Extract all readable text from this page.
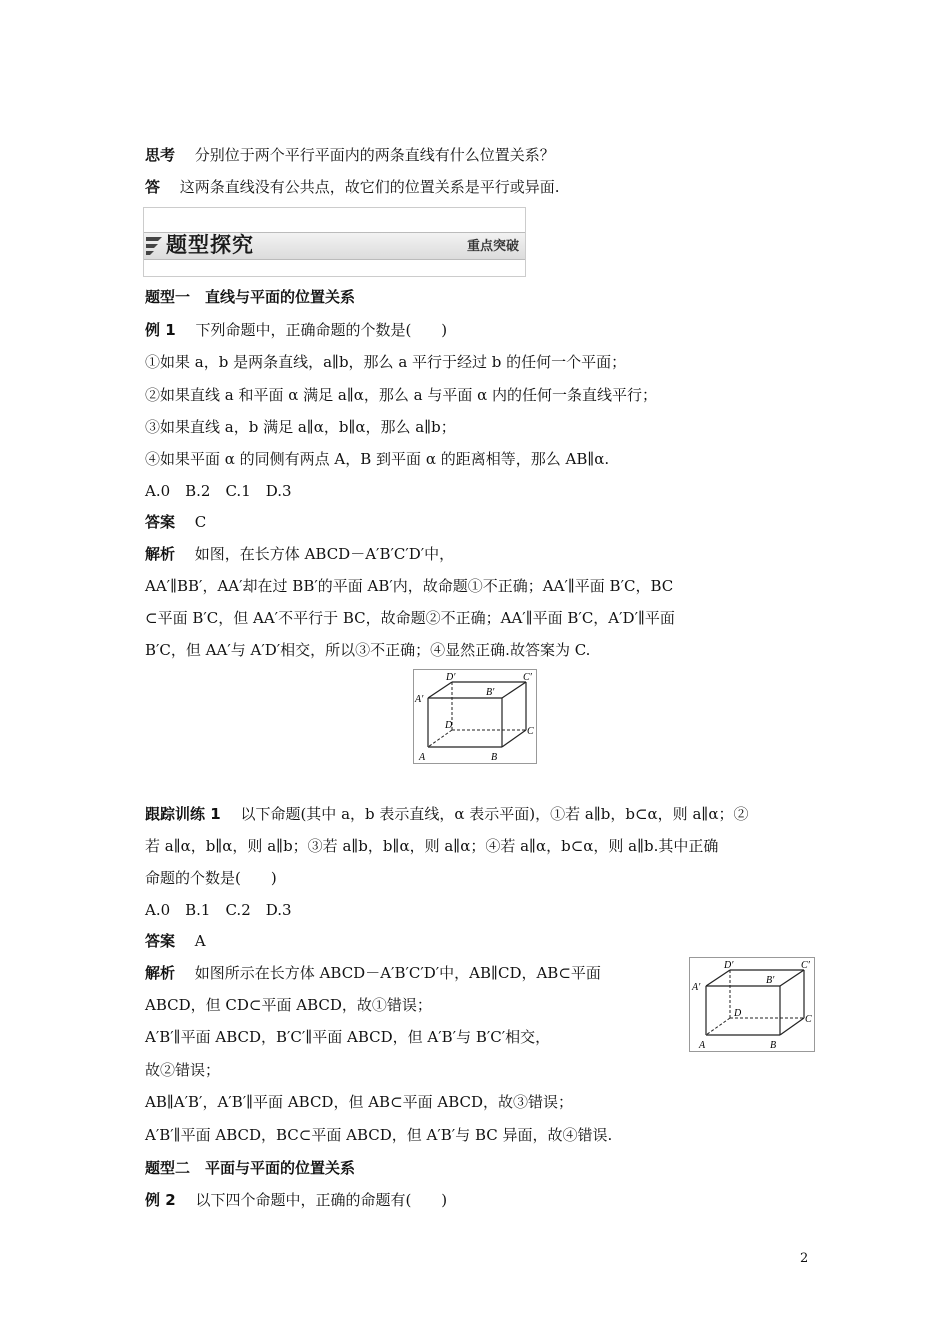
思考　 分别位于两个平行平面内的两条直线有什么位置关系？
答　 这两条直线没有公共点，故它们的位置关系是平行或异面.
题型探究	重点突破
题型一　直线与平面的位置关系
例 1　 下列命题中，正确命题的个数是(　　)
①如果 a，b 是两条直线，a∥b，那么 a 平行于经过 b 的任何一个平面；
②如果直线 a 和平面 α 满足 a∥α，那么 a 与平面 α 内的任何一条直线平行；
③如果直线 a，b 满足 a∥α，b∥α，那么 a∥b；
④如果平面 α 的同侧有两点 A，B 到平面 α 的距离相等，那么 AB∥α.
A.0　B.2　C.1　D.3
答案　 C
解析　 如图，在长方体 ABCD－A′B′C′D′中，
AA′∥BB′，AA′却在过 BB′的平面 AB′内，故命题①不正确；AA′∥平面 B′C，BC
⊂平面 B′C，但 AA′不平行于 BC，故命题②不正确；AA′∥平面 B′C，A′D′∥平面
B′C，但 AA′与 A′D′相交，所以③不正确；④显然正确.故答案为 C.
D′
B′
C′
A′
D
C
A	B
跟踪训练 1　 以下命题(其中 a，b 表示直线，α 表示平面)，①若 a∥b，b⊂α，则 a∥α；②
若 a∥α，b∥α，则 a∥b；③若 a∥b，b∥α，则 a∥α；④若 a∥α，b⊂α，则 a∥b.其中正确
命题的个数是(　　)
A.0　B.1　C.2　D.3
答案　 A
解析　 如图所示在长方体 ABCD－A′B′C′D′中，AB∥CD，AB⊂平面
ABCD，但 CD⊂平面 ABCD，故①错误；
A′B′∥平面 ABCD，B′C′∥平面 ABCD，但 A′B′与 B′C′相交，
故②错误；
AB∥A′B′，A′B′∥平面 ABCD，但 AB⊂平面 ABCD，故③错误；
A′B′∥平面 ABCD，BC⊂平面 ABCD，但 A′B′与 BC 异面，故④错误.
D′
B′
C′
A′
D
C
A	B
题型二　平面与平面的位置关系
例 2　 以下四个命题中，正确的命题有(　　)
2
